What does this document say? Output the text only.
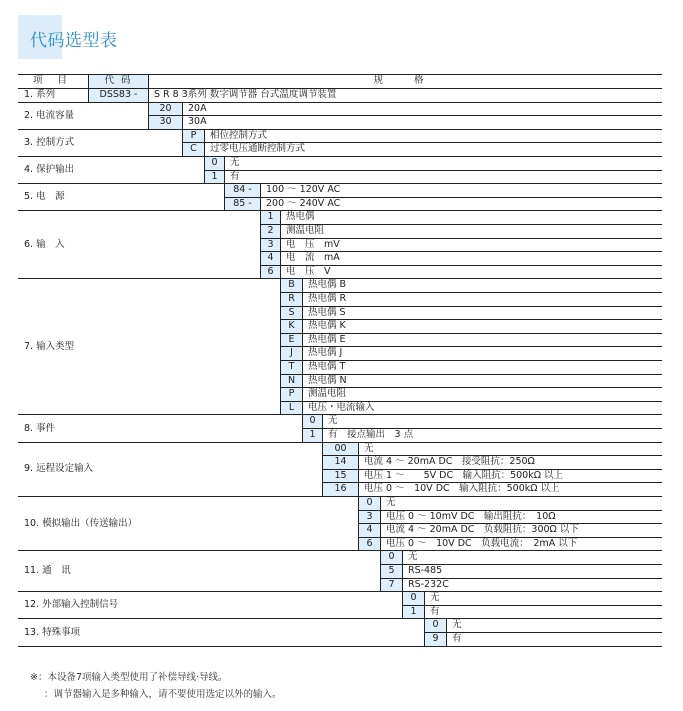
代码选型表
项 目	代 码	规 格
1. 系列	DSS83 -	S R 8 3系列 数字调节器 台式温度调节装置
2. 电流容量
20	20A
30	30A
3. 控制方式
P	相位控制方式
C	过零电压通断控制方式
4. 保护输出
0	无
1	有
5. 电　源
84 -	100 ～ 120V AC
85 -	200 ～ 240V AC
6. 输　入
1	热电偶
2	测温电阻
3	电　压　mV
4	电　流　mA
6	电　压　V
7. 输入类型
B	热电偶 B
R	热电偶 R
S	热电偶 S
K	热电偶 K
E	热电偶 E
J	热电偶 J
T	热电偶 T
N	热电偶 N
P	测温电阻
L	电压・电流输入
8. 事件
0	无
1	有　接点输出　3 点
9. 远程设定输入
00	无
14	电流 4 ～ 20mA DC　接受阻抗：250Ω
15	电压 1 ～　　5V DC　输入阻抗：500kΩ 以上
16	电压 0 ～　10V DC　输入阻抗：500kΩ 以上
10. 模拟输出（传送输出）
0	无
3	电压 0 ～ 10mV DC　输出阻抗：　10Ω
4	电流 4 ～ 20mA DC　负载阻抗：300Ω 以下
6	电压 0 ～　10V DC　负载电流：　2mA 以下
11. 通　讯
0	无
5	RS-485
7	RS-232C
12. 外部输入控制信号
0	无
1	有
13. 特殊事项
0	无
9	有
※：本设备7项输入类型使用了补偿导线·导线。
：调节器输入是多种输入，请不要使用选定以外的输入。
